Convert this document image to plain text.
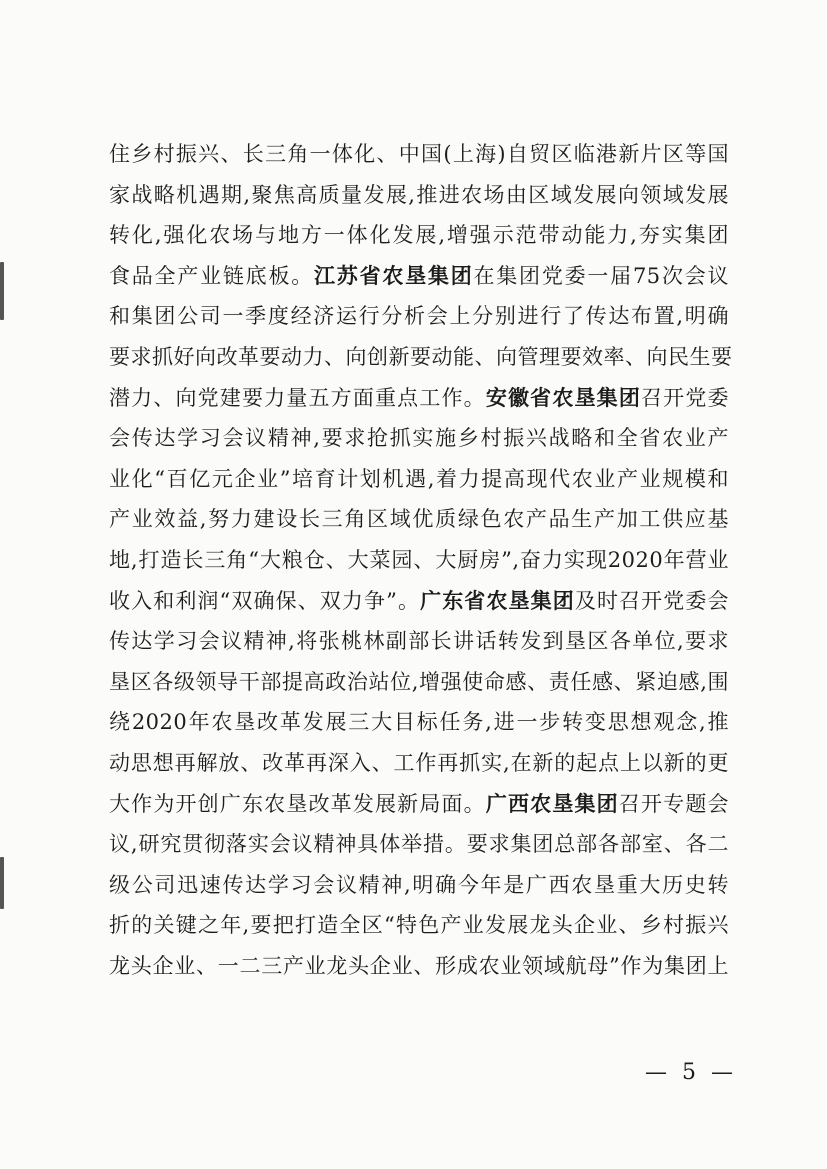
住乡村振兴、长三角一体化、中国(上海)自贸区临港新片区等国
家战略机遇期,聚焦高质量发展,推进农场由区域发展向领域发展
转化,强化农场与地方一体化发展,增强示范带动能力,夯实集团
食品全产业链底板。江苏省农垦集团在集团党委一届75次会议
和集团公司一季度经济运行分析会上分别进行了传达布置,明确
要求抓好向改革要动力、向创新要动能、向管理要效率、向民生要
潜力、向党建要力量五方面重点工作。安徽省农垦集团召开党委
会传达学习会议精神,要求抢抓实施乡村振兴战略和全省农业产
业化“百亿元企业”培育计划机遇,着力提高现代农业产业规模和
产业效益,努力建设长三角区域优质绿色农产品生产加工供应基
地,打造长三角“大粮仓、大菜园、大厨房”,奋力实现2020年营业
收入和利润“双确保、双力争”。广东省农垦集团及时召开党委会
传达学习会议精神,将张桃林副部长讲话转发到垦区各单位,要求
垦区各级领导干部提高政治站位,增强使命感、责任感、紧迫感,围
绕2020年农垦改革发展三大目标任务,进一步转变思想观念,推
动思想再解放、改革再深入、工作再抓实,在新的起点上以新的更
大作为开创广东农垦改革发展新局面。广西农垦集团召开专题会
议,研究贯彻落实会议精神具体举措。要求集团总部各部室、各二
级公司迅速传达学习会议精神,明确今年是广西农垦重大历史转
折的关键之年,要把打造全区“特色产业发展龙头企业、乡村振兴
龙头企业、一二三产业龙头企业、形成农业领域航母”作为集团上
— 5 —
